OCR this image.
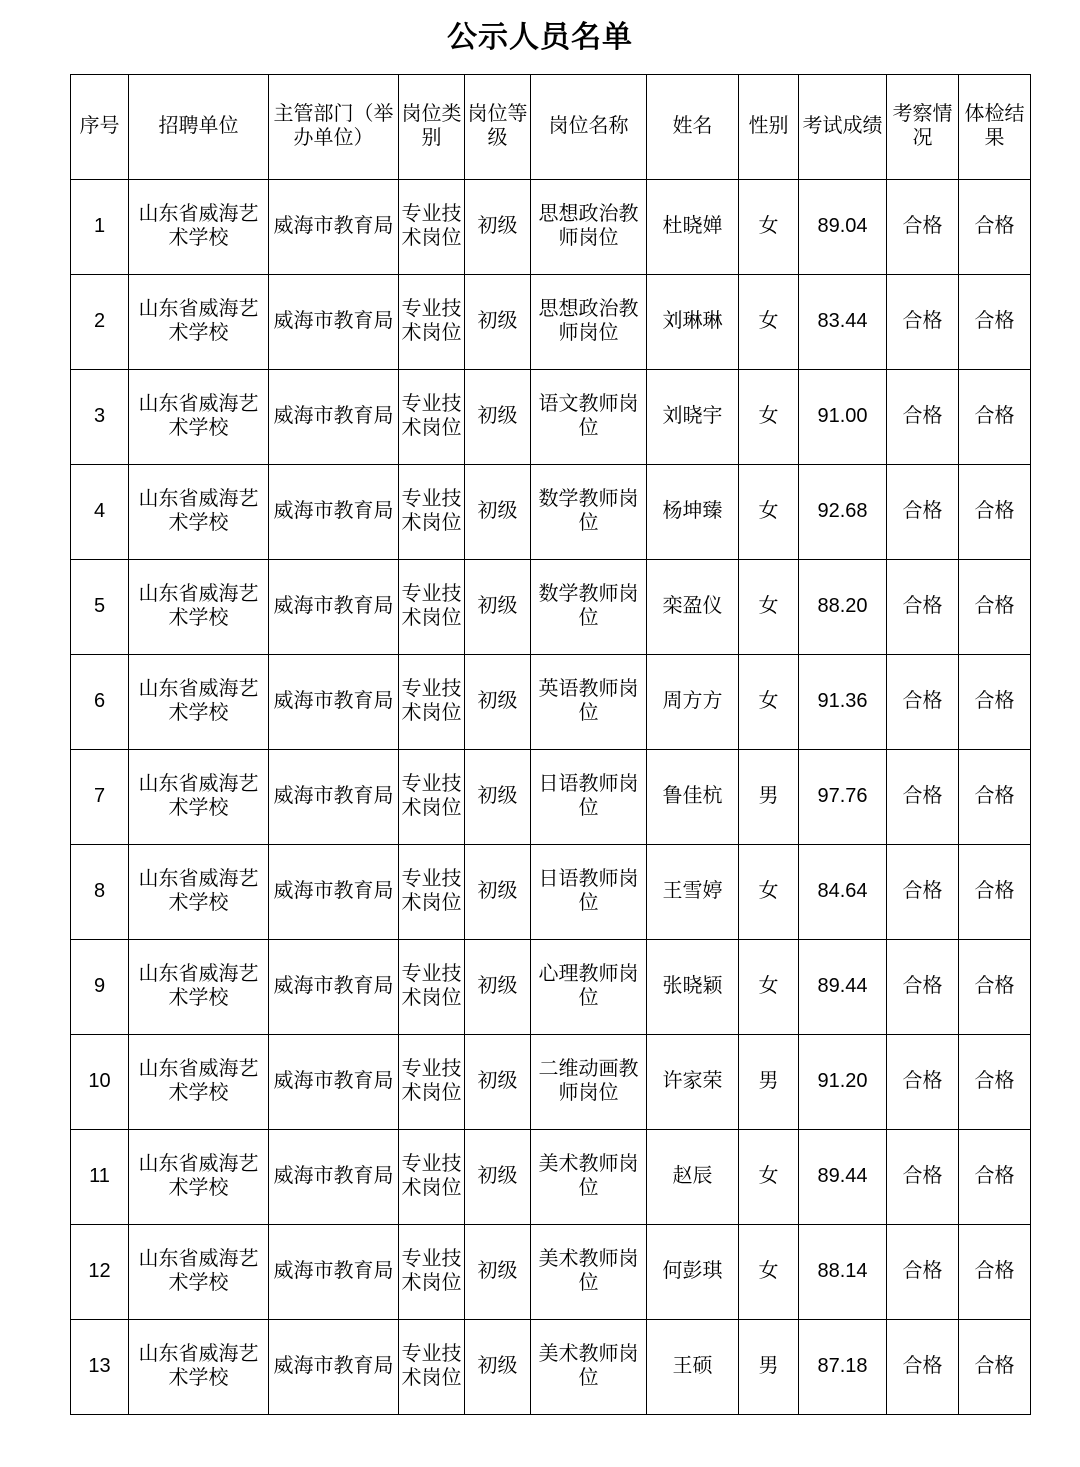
公示人员名单
序号	招聘单位	主管部门（举办单位）	岗位类别	岗位等级	岗位名称	姓名	性别	考试成绩	考察情况	体检结果
1	山东省威海艺术学校	威海市教育局	专业技术岗位	初级	思想政治教师岗位	杜晓婵	女	89.04	合格	合格
2	山东省威海艺术学校	威海市教育局	专业技术岗位	初级	思想政治教师岗位	刘琳琳	女	83.44	合格	合格
3	山东省威海艺术学校	威海市教育局	专业技术岗位	初级	语文教师岗位	刘晓宇	女	91.00	合格	合格
4	山东省威海艺术学校	威海市教育局	专业技术岗位	初级	数学教师岗位	杨坤臻	女	92.68	合格	合格
5	山东省威海艺术学校	威海市教育局	专业技术岗位	初级	数学教师岗位	栾盈仪	女	88.20	合格	合格
6	山东省威海艺术学校	威海市教育局	专业技术岗位	初级	英语教师岗位	周方方	女	91.36	合格	合格
7	山东省威海艺术学校	威海市教育局	专业技术岗位	初级	日语教师岗位	鲁佳杭	男	97.76	合格	合格
8	山东省威海艺术学校	威海市教育局	专业技术岗位	初级	日语教师岗位	王雪婷	女	84.64	合格	合格
9	山东省威海艺术学校	威海市教育局	专业技术岗位	初级	心理教师岗位	张晓颖	女	89.44	合格	合格
10	山东省威海艺术学校	威海市教育局	专业技术岗位	初级	二维动画教师岗位	许家荣	男	91.20	合格	合格
11	山东省威海艺术学校	威海市教育局	专业技术岗位	初级	美术教师岗位	赵辰	女	89.44	合格	合格
12	山东省威海艺术学校	威海市教育局	专业技术岗位	初级	美术教师岗位	何彭琪	女	88.14	合格	合格
13	山东省威海艺术学校	威海市教育局	专业技术岗位	初级	美术教师岗位	王硕	男	87.18	合格	合格
